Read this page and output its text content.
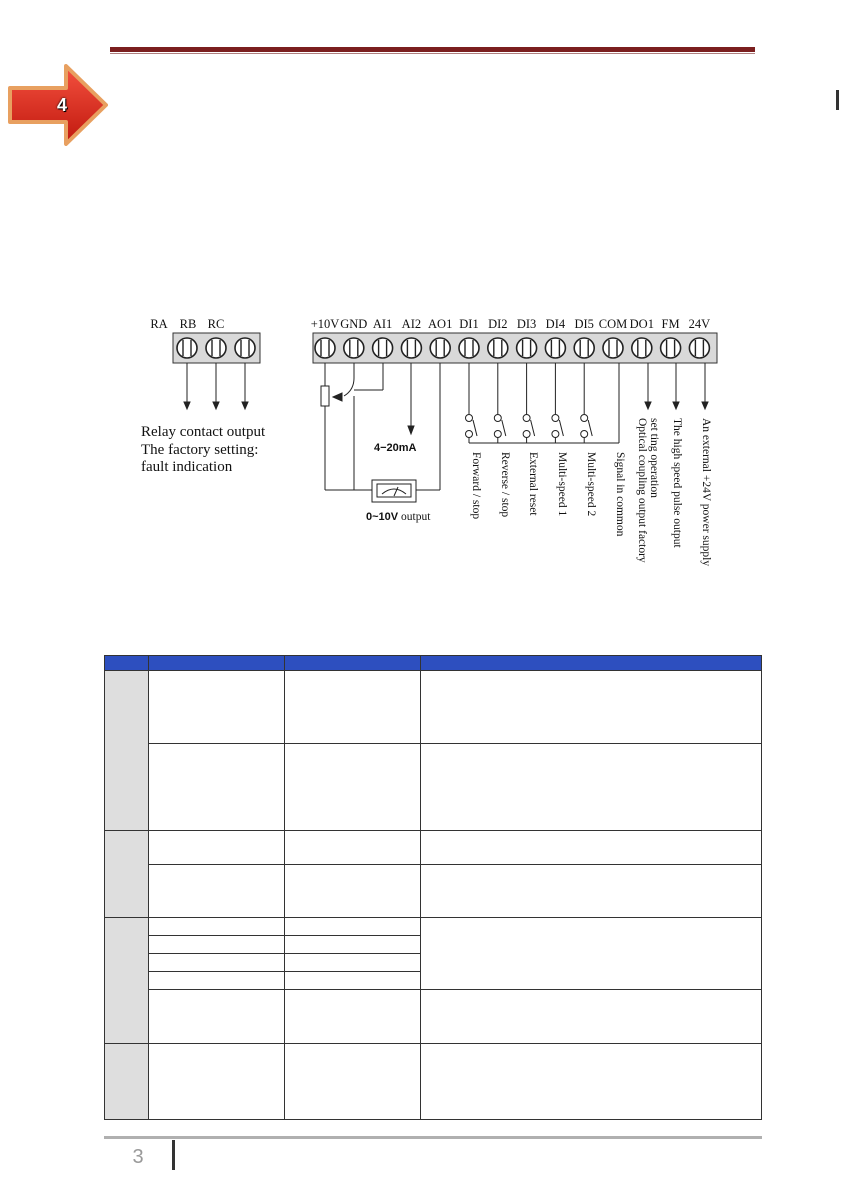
4
RA RB RC
Relay contact output
The factory setting:
fault indication
+10V GND AI1 AI2 AO1 DI1 DI2 DI3 DI4 DI5 COM DO1 FM 24V
4−20mA
0~10V output	Forward / stop Reverse / stop External reset Multi-speed 1 Multi-speed 2 Signal in common Optical coupling output factory set ting operation The high speed pulse output An external +24V power supply

3
